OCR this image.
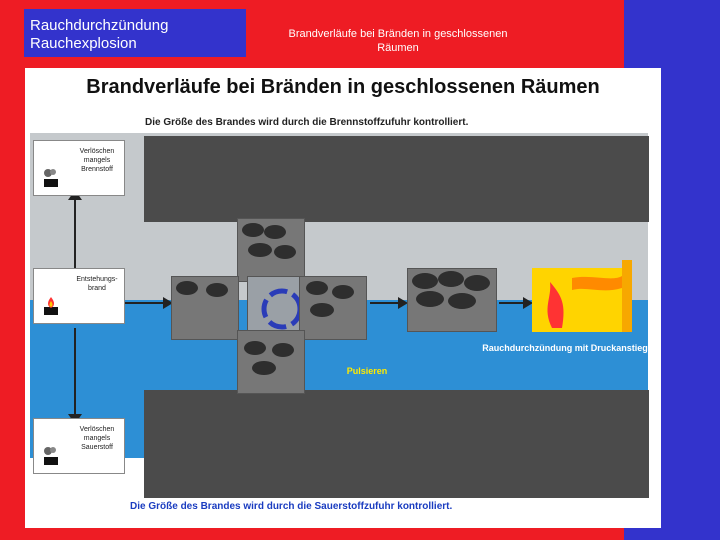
Rauchdurchzündung
Rauchexplosion
Brandverläufe bei Bränden in geschlossenen Räumen
Brandverläufe bei Bränden in geschlossenen Räumen
Die Größe des Brandes wird durch die Brennstoffzufuhr kontrolliert.
Verlöschen mangels Brennstoff
Entstehungs-brand
Verlöschen mangels Sauerstoff
Pulsieren
Rauchdurchzündung mit Druckanstieg
Die Größe des Brandes wird durch die Sauerstoffzufuhr kontrolliert.
